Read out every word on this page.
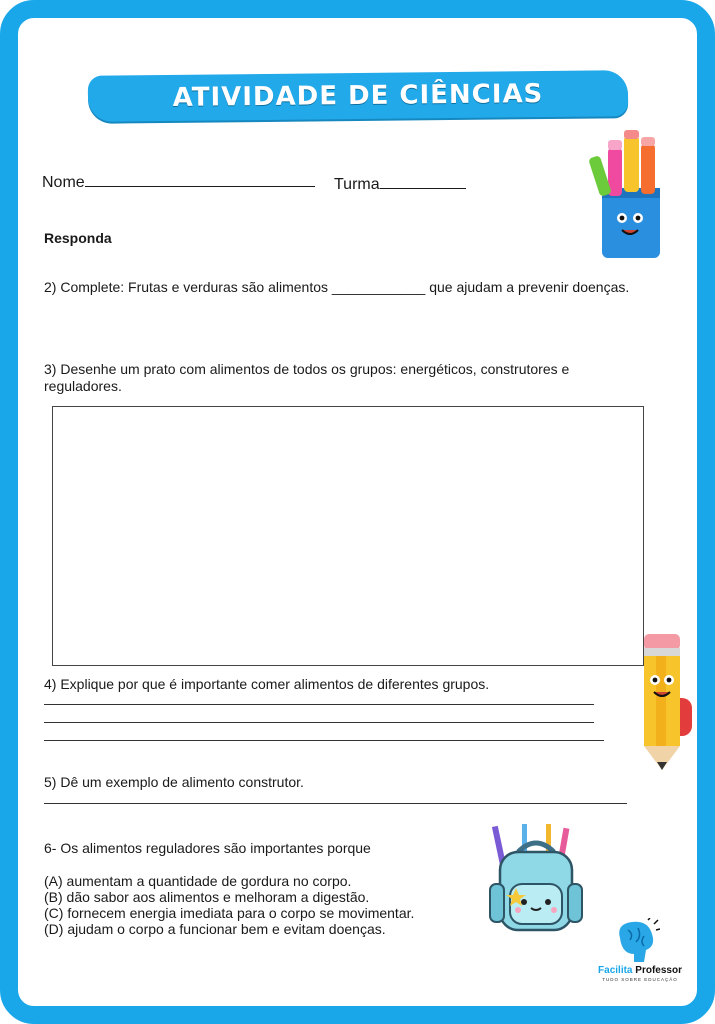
ATIVIDADE DE CIÊNCIAS
Nome	Turma
Responda
2) Complete: Frutas e verduras são alimentos ____________ que ajudam a prevenir doenças.
3) Desenhe um prato com alimentos de todos os grupos: energéticos, construtores e
reguladores.
4) Explique por que é importante comer alimentos de diferentes grupos.
5) Dê um exemplo de alimento construtor.
6- Os alimentos reguladores são importantes porque
(A) aumentam a quantidade de gordura no corpo.
(B) dão sabor aos alimentos e melhoram a digestão.
(C) fornecem energia imediata para o corpo se movimentar.
(D) ajudam o corpo a funcionar bem e evitam doenças.
Facilita Professor
TUDO SOBRE EDUCAÇÃO
